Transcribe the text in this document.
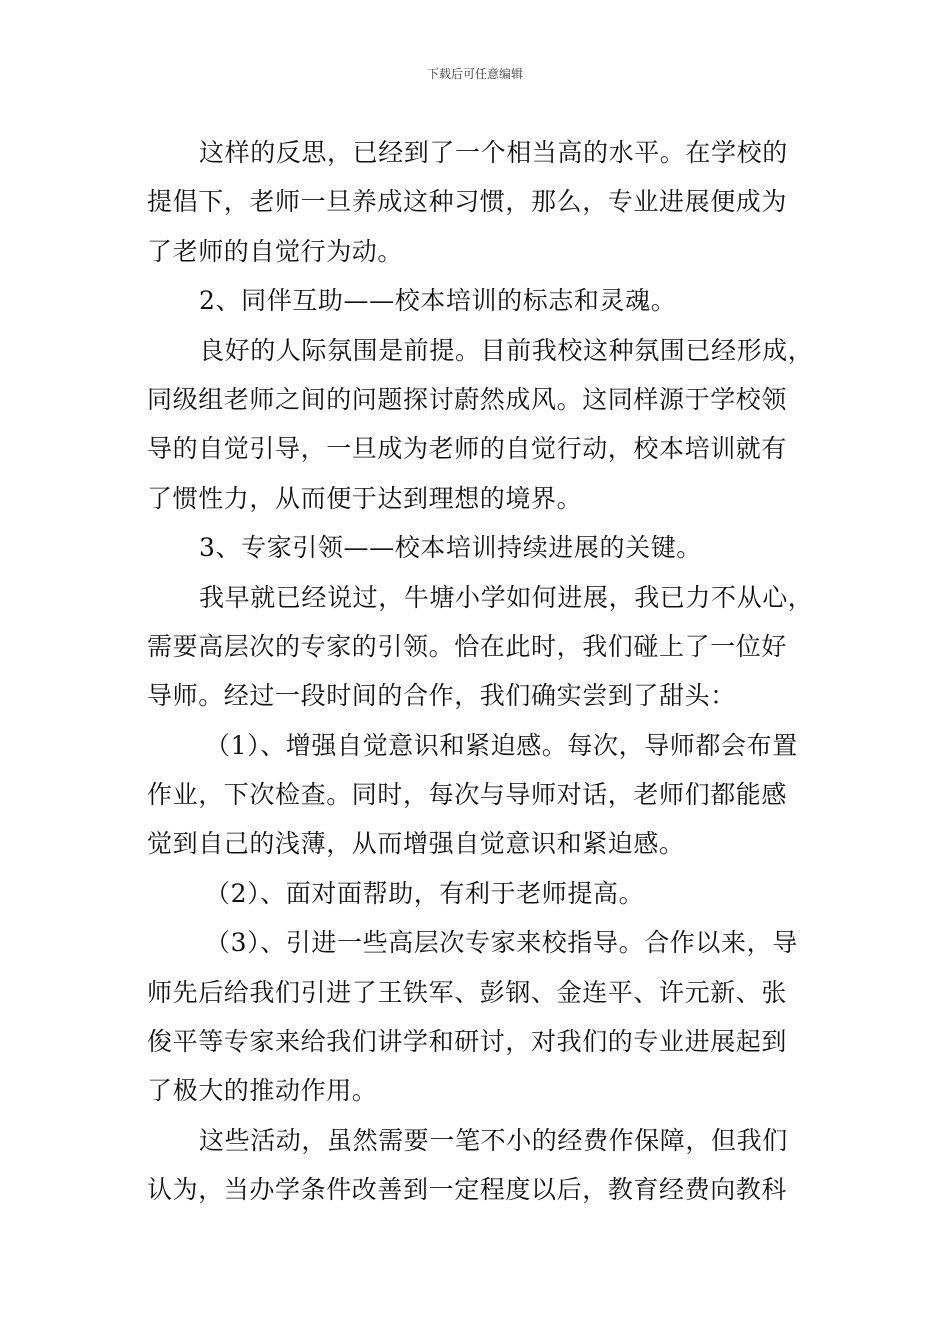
下载后可任意编辑
这样的反思，已经到了一个相当高的水平。在学校的
提倡下，老师一旦养成这种习惯，那么，专业进展便成为
了老师的自觉行为动。
2、同伴互助——校本培训的标志和灵魂。
良好的人际氛围是前提。目前我校这种氛围已经形成，
同级组老师之间的问题探讨蔚然成风。这同样源于学校领
导的自觉引导，一旦成为老师的自觉行动，校本培训就有
了惯性力，从而便于达到理想的境界。
3、专家引领——校本培训持续进展的关键。
我早就已经说过，牛塘小学如何进展，我已力不从心，
需要高层次的专家的引领。恰在此时，我们碰上了一位好
导师。经过一段时间的合作，我们确实尝到了甜头：
（1）、增强自觉意识和紧迫感。每次，导师都会布置
作业，下次检查。同时，每次与导师对话，老师们都能感
觉到自己的浅薄，从而增强自觉意识和紧迫感。
（2）、面对面帮助，有利于老师提高。
（3）、引进一些高层次专家来校指导。合作以来，导
师先后给我们引进了王铁军、彭钢、金连平、许元新、张
俊平等专家来给我们讲学和研讨，对我们的专业进展起到
了极大的推动作用。
这些活动，虽然需要一笔不小的经费作保障，但我们
认为，当办学条件改善到一定程度以后，教育经费向教科
